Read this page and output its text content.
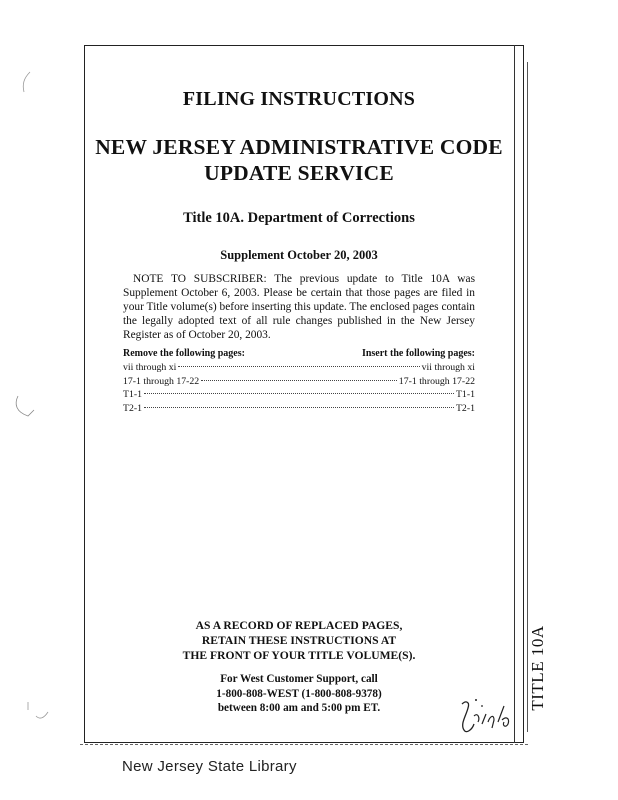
FILING INSTRUCTIONS
NEW JERSEY ADMINISTRATIVE CODE
UPDATE SERVICE
Title 10A. Department of Corrections
Supplement October 20, 2003
NOTE TO SUBSCRIBER: The previous update to Title 10A was Supplement October 6, 2003. Please be certain that those pages are filed in your Title volume(s) before inserting this update. The enclosed pages contain the legally adopted text of all rule changes published in the New Jersey Register as of October 20, 2003.
Remove the following pages:	Insert the following pages:
vii through xi	vii through xi
17-1 through 17-22	17-1 through 17-22
T1-1	T1-1
T2-1	T2-1
AS A RECORD OF REPLACED PAGES,
RETAIN THESE INSTRUCTIONS AT
THE FRONT OF YOUR TITLE VOLUME(S).
For West Customer Support, call
1-800-808-WEST (1-800-808-9378)
between 8:00 am and 5:00 pm ET.	TITLE 10A
New Jersey State Library
